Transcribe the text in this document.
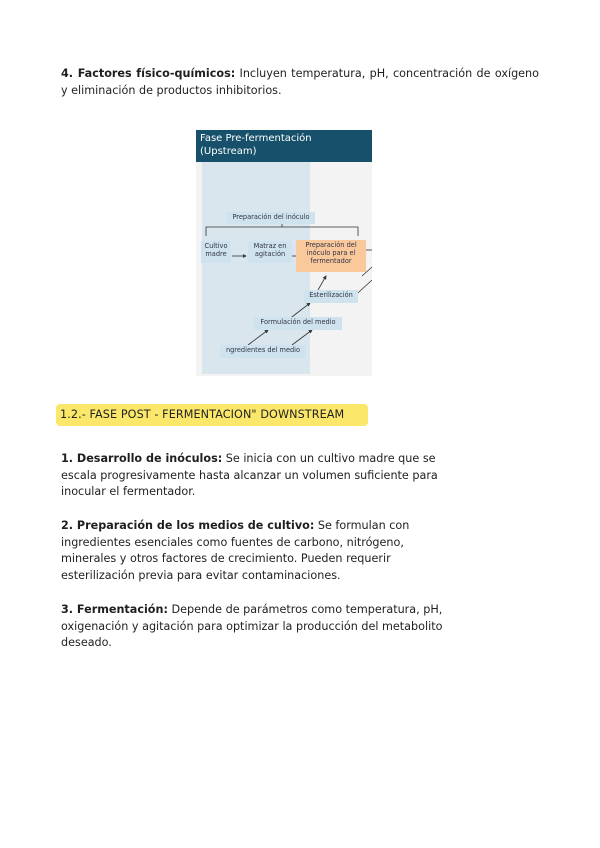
4. Factores físico-químicos: Incluyen temperatura, pH, concentración de oxígeno y eliminación de productos inhibitorios.
Fase Pre-fermentación
(Upstream)
Preparación del inóculo
Cultivo madre
Matraz en agitación
Preparación del inóculo para el fermentador
Esterilización
Formulación del medio
ngredientes del medio
1.2.- FASE POST - FERMENTACION" DOWNSTREAM
1. Desarrollo de inóculos: Se inicia con un cultivo madre que se escala progresivamente hasta alcanzar un volumen suficiente para inocular el fermentador.
2. Preparación de los medios de cultivo: Se formulan con ingredientes esenciales como fuentes de carbono, nitrógeno, minerales y otros factores de crecimiento. Pueden requerir esterilización previa para evitar contaminaciones.
3. Fermentación: Depende de parámetros como temperatura, pH, oxigenación y agitación para optimizar la producción del metabolito deseado.
